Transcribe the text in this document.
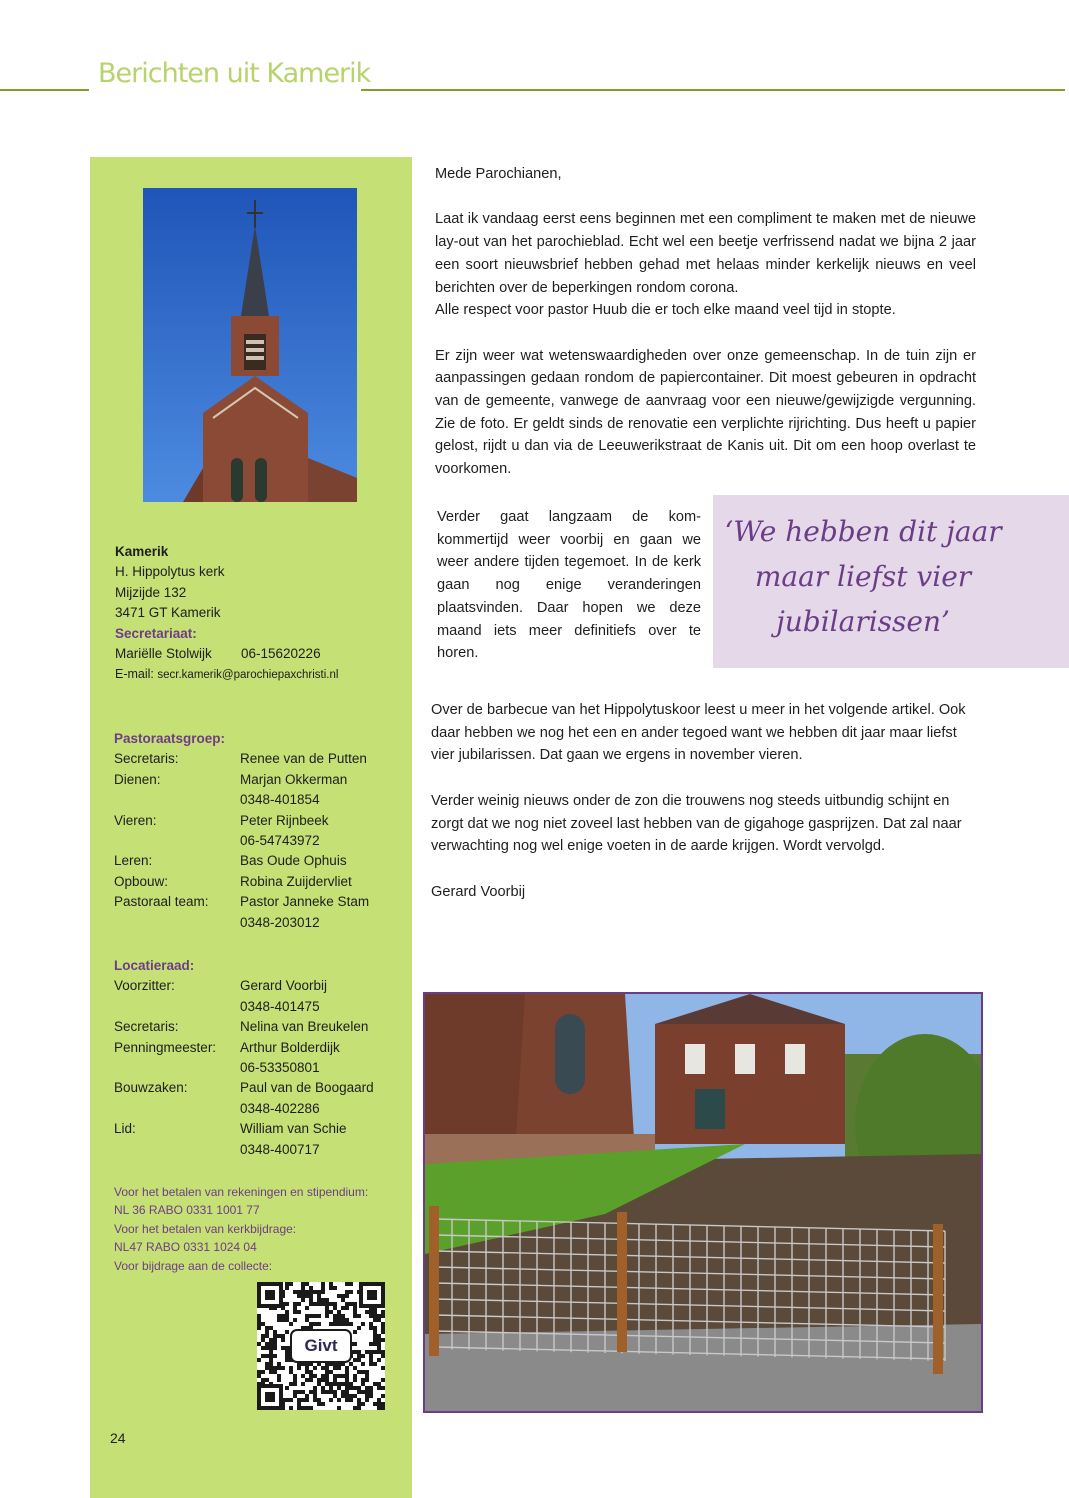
Berichten uit Kamerik
Kamerik
H. Hippolytus kerk
Mijzijde 132
3471 GT Kamerik
Secretariaat:
Mariëlle Stolwijk	06-15620226
E-mail: secr.kamerik@parochiepaxchristi.nl
Pastoraatsgroep:
Secretaris:	Renee van de Putten
Dienen:	Marjan Okkerman
0348-401854
Vieren:	Peter Rijnbeek
06-54743972
Leren:	Bas Oude Ophuis
Opbouw:	Robina Zuijdervliet
Pastoraal team:	Pastor Janneke Stam
0348-203012
Locatieraad:
Voorzitter:	Gerard Voorbij
0348-401475
Secretaris:	Nelina van Breukelen
Penningmeester:	Arthur Bolderdijk
06-53350801
Bouwzaken:	Paul van de Boogaard
0348-402286
Lid:	William van Schie
0348-400717
Voor het betalen van rekeningen en stipendium:
NL 36 RABO 0331 1001 77
Voor het betalen van kerkbijdrage:
NL47 RABO 0331 1024 04
Voor bijdrage aan de collecte:
Givt
24

Mede Parochianen,

Laat ik vandaag eerst eens beginnen met een compliment te maken met de nieuwe lay-out van het parochieblad. Echt wel een beetje verfrissend nadat we bijna 2 jaar een soort nieuwsbrief hebben gehad met helaas minder kerkelijk nieuws en veel berichten over de beperkingen rondom corona.

Alle respect voor pastor Huub die er toch elke maand veel tijd in stopte.

Er zijn weer wat wetenswaardigheden over onze gemeenschap. In de tuin zijn er aanpassingen gedaan rondom de papiercontainer. Dit moest gebeuren in opdracht van de gemeente, vanwege de aanvraag voor een nieuwe/gewijzigde vergunning. Zie de foto. Er geldt sinds de renovatie een verplichte rijrichting. Dus heeft u papier gelost, rijdt u dan via de Leeuwerikstraat de Kanis uit. Dit om een hoop overlast te voorkomen.

Verder gaat langzaam de kom-kommertijd weer voorbij en gaan we weer andere tijden tegemoet. In de kerk gaan nog enige veranderingen plaatsvinden. Daar hopen we deze maand iets meer definitiefs over te horen.

‘We hebben dit jaar
maar liefst vier
jubilarissen’

Over de barbecue van het Hippolytuskoor leest u meer in het volgende artikel. Ook daar hebben we nog het een en ander tegoed want we hebben dit jaar maar liefst vier jubilarissen. Dat gaan we ergens in november vieren.

Verder weinig nieuws onder de zon die trouwens nog steeds uitbundig schijnt en zorgt dat we nog niet zoveel last hebben van de gigahoge gasprijzen. Dat zal naar verwachting nog wel enige voeten in de aarde krijgen. Wordt vervolgd.

Gerard Voorbij
